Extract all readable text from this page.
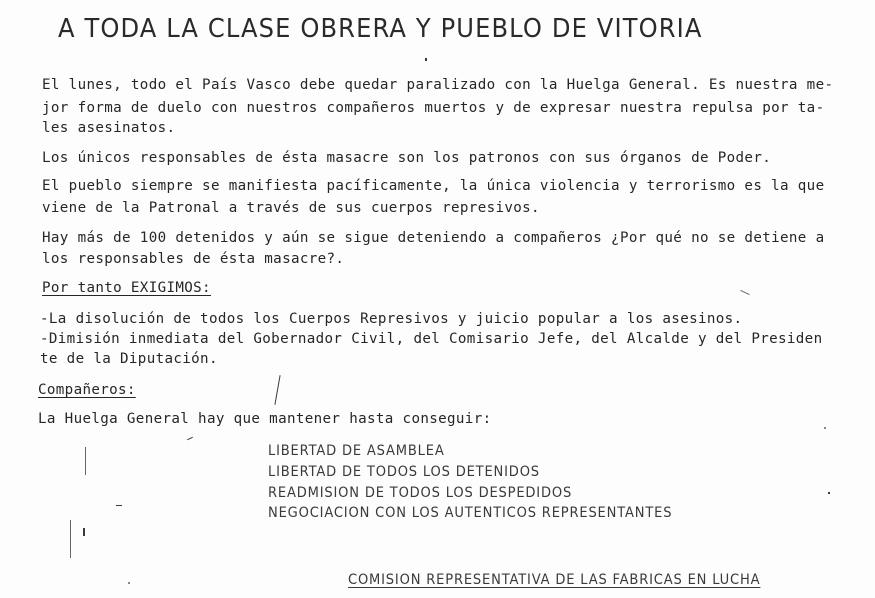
A TODA LA CLASE OBRERA Y PUEBLO DE VITORIA
El lunes, todo el País Vasco debe quedar paralizado con la Huelga General. Es nuestra me-
jor forma de duelo con nuestros compañeros muertos y de expresar nuestra repulsa por ta-
les asesinatos.
Los únicos responsables de ésta masacre son los patronos con sus órganos de Poder.
El pueblo siempre se manifiesta pacíficamente, la única violencia y terrorismo es la que
viene de la Patronal a través de sus cuerpos represivos.
Hay más de 100 detenidos y aún se sigue deteniendo a compañeros ¿Por qué no se detiene a
los responsables de ésta masacre?.
Por tanto EXIGIMOS:
-La disolución de todos los Cuerpos Represivos y juicio popular a los asesinos.
-Dimisión inmediata del Gobernador Civil, del Comisario Jefe, del Alcalde y del Presiden
te de la Diputación.
Compañeros:
La Huelga General hay que mantener hasta conseguir:
LIBERTAD DE ASAMBLEA
LIBERTAD DE TODOS LOS DETENIDOS
READMISION DE TODOS LOS DESPEDIDOS
NEGOCIACION CON LOS AUTENTICOS REPRESENTANTES
COMISION REPRESENTATIVA DE LAS FABRICAS EN LUCHA
